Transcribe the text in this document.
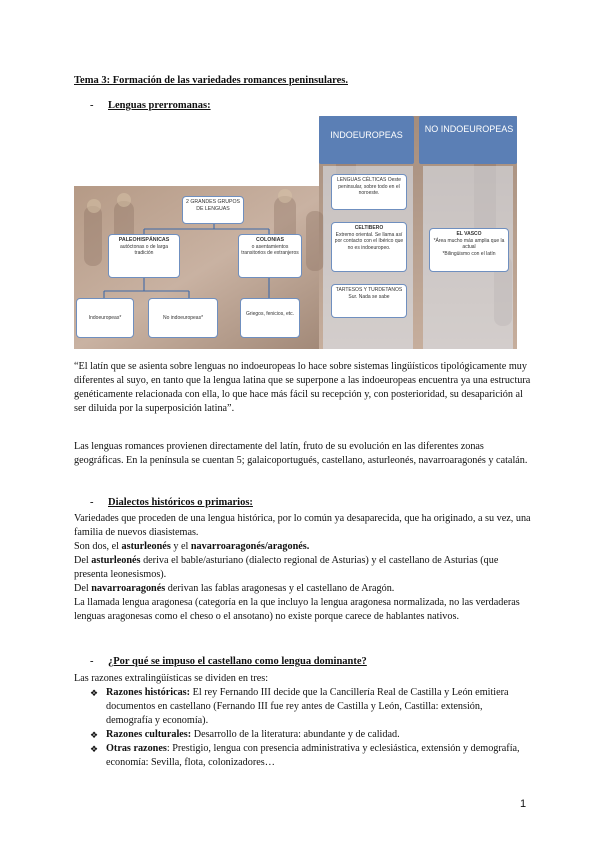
Tema 3: Formación de las variedades romances peninsulares.

- Lenguas prerromanas:
2 GRANDES GRUPOS DE LENGUAS
PALEOHISPÁNICAS
autóctonas o de larga tradición
COLONIAS
o asentamientos transitorios de extranjeros
Indoeuropeas*	No indoeuropeas*
Griegos, fenicios, etc.
INDOEUROPEAS
NO INDOEUROPEAS
LENGUAS CÉLTICAS Oeste peninsular, sobre todo en el noroeste.
CELTIBERO
Extremo oriental. Se llama así por contacto con el íbérico que no es indoeuropeo.
TARTESOS Y TURDETANOS
Sur. Nada se sabe
EL VASCO
*Área mucho más amplia que la actual
*Bilingüismo con el latín

“El latín que se asienta sobre lenguas no indoeuropeas lo hace sobre sistemas lingüísticos tipológicamente muy diferentes al suyo, en tanto que la lengua latina que se superpone a las indoeuropeas encuentra ya una estructura genéticamente relacionada con ella, lo que hace más fácil su recepción y, con posterioridad, su desaparición al ser diluida por la superposición latina”.

Las lenguas romances provienen directamente del latín, fruto de su evolución en las diferentes zonas geográficas. En la península se cuentan 5; galaicoportugués, castellano, asturleonés, navarroaragonés y catalán.

- Dialectos históricos o primarios:

Variedades que proceden de una lengua histórica, por lo común ya desaparecida, que ha originado, a su vez, una familia de nuevos diasistemas.

Son dos, el asturleonés y el navarroaragonés/aragonés.

Del asturleonés deriva el bable/asturiano (dialecto regional de Asturias) y el castellano de Asturias (que presenta leonesismos).

Del navarroaragonés derivan las fablas aragonesas y el castellano de Aragón.

La llamada lengua aragonesa (categoría en la que incluyo la lengua aragonesa normalizada, no las verdaderas lenguas aragonesas como el cheso o el ansotano) no existe porque carece de hablantes nativos.

- ¿Por qué se impuso el castellano como lengua dominante?

Las razones extralingüísticas se dividen en tres:

❖ Razones históricas: El rey Fernando III decide que la Cancillería Real de Castilla y León emitiera documentos en castellano (Fernando III fue rey antes de Castilla y León, Castilla: extensión, demografía y economía).

❖ Razones culturales: Desarrollo de la literatura: abundante y de calidad.

❖ Otras razones: Prestigio, lengua con presencia administrativa y eclesiástica, extensión y demografía, economía: Sevilla, flota, colonizadores…

1
